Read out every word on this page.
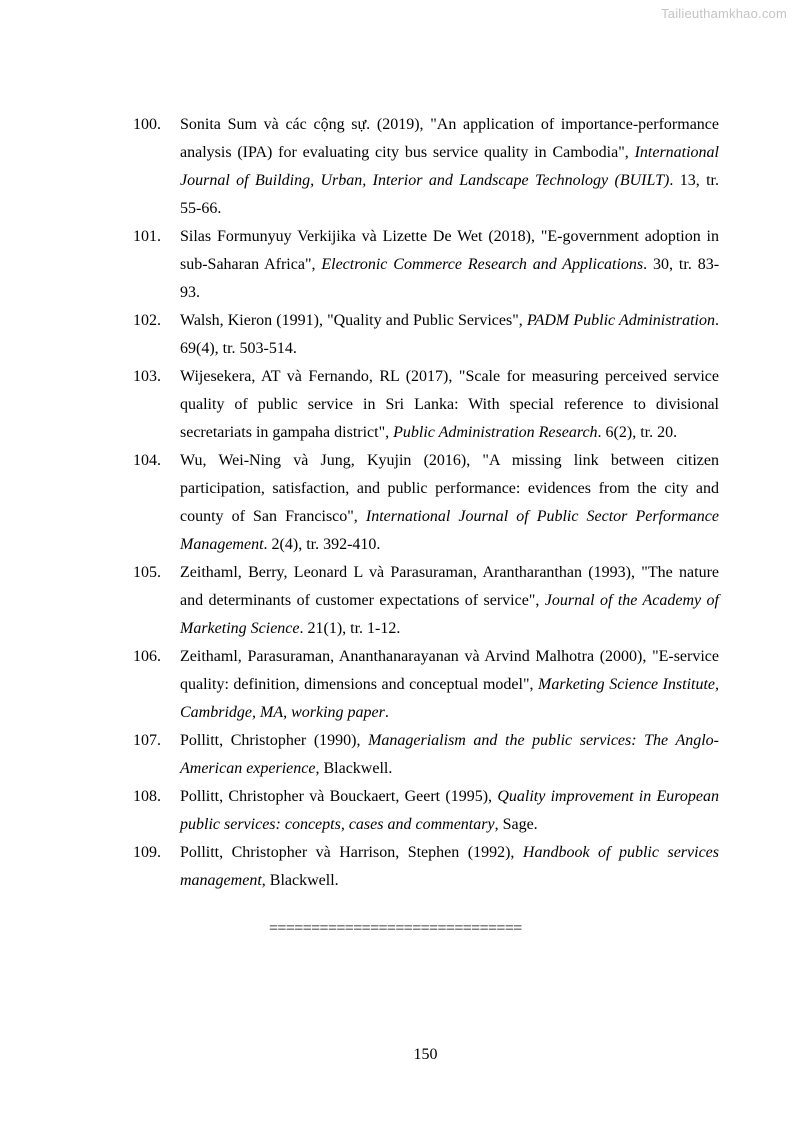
Tailieuthamkhao.com
100. Sonita Sum và các cộng sự. (2019), "An application of importance-performance analysis (IPA) for evaluating city bus service quality in Cambodia", International Journal of Building, Urban, Interior and Landscape Technology (BUILT). 13, tr. 55-66.
101. Silas Formunyuy Verkijika và Lizette De Wet (2018), "E-government adoption in sub-Saharan Africa", Electronic Commerce Research and Applications. 30, tr. 83-93.
102. Walsh, Kieron (1991), "Quality and Public Services", PADM Public Administration. 69(4), tr. 503-514.
103. Wijesekera, AT và Fernando, RL (2017), "Scale for measuring perceived service quality of public service in Sri Lanka: With special reference to divisional secretariats in gampaha district", Public Administration Research. 6(2), tr. 20.
104. Wu, Wei-Ning và Jung, Kyujin (2016), "A missing link between citizen participation, satisfaction, and public performance: evidences from the city and county of San Francisco", International Journal of Public Sector Performance Management. 2(4), tr. 392-410.
105. Zeithaml, Berry, Leonard L và Parasuraman, Arantharanthan (1993), "The nature and determinants of customer expectations of service", Journal of the Academy of Marketing Science. 21(1), tr. 1-12.
106. Zeithaml, Parasuraman, Ananthanarayanan và Arvind Malhotra (2000), "E-service quality: definition, dimensions and conceptual model", Marketing Science Institute, Cambridge, MA, working paper.
107. Pollitt, Christopher (1990), Managerialism and the public services: The Anglo-American experience, Blackwell.
108. Pollitt, Christopher và Bouckaert, Geert (1995), Quality improvement in European public services: concepts, cases and commentary, Sage.
109. Pollitt, Christopher và Harrison, Stephen (1992), Handbook of public services management, Blackwell.
==============================
150
